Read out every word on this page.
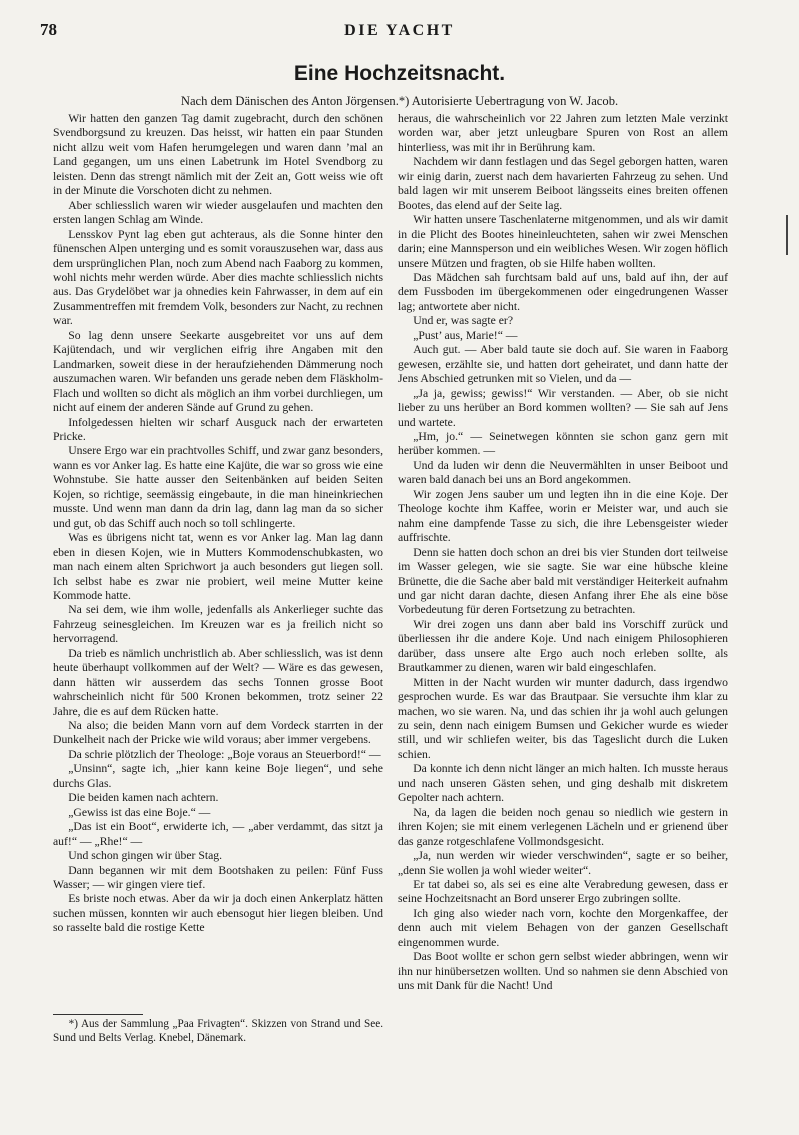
78	DIE YACHT
Eine Hochzeitsnacht.
Nach dem Dänischen des Anton Jörgensen.*) Autorisierte Uebertragung von W. Jacob.

Wir hatten den ganzen Tag damit zugebracht, durch den schönen Svendborgsund zu kreuzen. Das heisst, wir hatten ein paar Stunden nicht allzu weit vom Hafen herumgelegen und waren dann ’mal an Land gegangen, um uns einen Labetrunk im Hotel Svendborg zu leisten. Denn das strengt nämlich mit der Zeit an, Gott weiss wie oft in der Minute die Vorschoten dicht zu nehmen.

Aber schliesslich waren wir wieder ausgelaufen und machten den ersten langen Schlag am Winde.

Lensskov Pynt lag eben gut achteraus, als die Sonne hinter den fünenschen Alpen unterging und es somit vorauszusehen war, dass aus dem ursprünglichen Plan, noch zum Abend nach Faaborg zu kommen, wohl nichts mehr werden würde. Aber dies machte schliesslich nichts aus. Das Grydelöbet war ja ohnedies kein Fahrwasser, in dem auf ein Zusammentreffen mit fremdem Volk, besonders zur Nacht, zu rechnen war.

So lag denn unsere Seekarte ausgebreitet vor uns auf dem Kajütendach, und wir verglichen eifrig ihre Angaben mit den Landmarken, soweit diese in der heraufziehenden Dämmerung noch auszumachen waren. Wir befanden uns gerade neben dem Fläskholm-Flach und wollten so dicht als möglich an ihm vorbei durchliegen, um nicht auf einem der anderen Sände auf Grund zu gehen.

Infolgedessen hielten wir scharf Ausguck nach der erwarteten Pricke.

Unsere Ergo war ein prachtvolles Schiff, und zwar ganz besonders, wann es vor Anker lag. Es hatte eine Kajüte, die war so gross wie eine Wohnstube. Sie hatte ausser den Seitenbänken auf beiden Seiten Kojen, so richtige, seemässig eingebaute, in die man hineinkriechen musste. Und wenn man dann da drin lag, dann lag man da so sicher und gut, ob das Schiff auch noch so toll schlingerte.

Was es übrigens nicht tat, wenn es vor Anker lag. Man lag dann eben in diesen Kojen, wie in Mutters Kommodenschubkasten, wo man nach einem alten Sprichwort ja auch besonders gut liegen soll. Ich selbst habe es zwar nie probiert, weil meine Mutter keine Kommode hatte.

Na sei dem, wie ihm wolle, jedenfalls als Ankerlieger suchte das Fahrzeug seinesgleichen. Im Kreuzen war es ja freilich nicht so hervorragend.

Da trieb es nämlich unchristlich ab. Aber schliesslich, was ist denn heute überhaupt vollkommen auf der Welt? — Wäre es das gewesen, dann hätten wir ausserdem das sechs Tonnen grosse Boot wahrscheinlich nicht für 500 Kronen bekommen, trotz seiner 22 Jahre, die es auf dem Rücken hatte.

Na also; die beiden Mann vorn auf dem Vordeck starrten in der Dunkelheit nach der Pricke wie wild voraus; aber immer vergebens.

Da schrie plötzlich der Theologe: „Boje voraus an Steuerbord!“ —

„Unsinn“, sagte ich, „hier kann keine Boje liegen“, und sehe durchs Glas.

Die beiden kamen nach achtern.

„Gewiss ist das eine Boje.“ —

„Das ist ein Boot“, erwiderte ich, — „aber verdammt, das sitzt ja auf!“ — „Rhe!“ —

Und schon gingen wir über Stag.

Dann begannen wir mit dem Bootshaken zu peilen: Fünf Fuss Wasser; — wir gingen viere tief.

Es briste noch etwas. Aber da wir ja doch einen Ankerplatz hätten suchen müssen, konnten wir auch ebensogut hier liegen bleiben. Und so rasselte bald die rostige Kette

heraus, die wahrscheinlich vor 22 Jahren zum letzten Male verzinkt worden war, aber jetzt unleugbare Spuren von Rost an allem hinterliess, was mit ihr in Berührung kam.

Nachdem wir dann festlagen und das Segel geborgen hatten, waren wir einig darin, zuerst nach dem havarierten Fahrzeug zu sehen. Und bald lagen wir mit unserem Beiboot längsseits eines breiten offenen Bootes, das elend auf der Seite lag.

Wir hatten unsere Taschenlaterne mitgenommen, und als wir damit in die Plicht des Bootes hineinleuchteten, sahen wir zwei Menschen darin; eine Mannsperson und ein weibliches Wesen. Wir zogen höflich unsere Mützen und fragten, ob sie Hilfe haben wollten.

Das Mädchen sah furchtsam bald auf uns, bald auf ihn, der auf dem Fussboden im übergekommenen oder eingedrungenen Wasser lag; antwortete aber nicht.

Und er, was sagte er?

„Pust’ aus, Marie!“ —

Auch gut. — Aber bald taute sie doch auf. Sie waren in Faaborg gewesen, erzählte sie, und hatten dort geheiratet, und dann hatte der Jens Abschied getrunken mit so Vielen, und da —

„Ja ja, gewiss; gewiss!“ Wir verstanden. — Aber, ob sie nicht lieber zu uns herüber an Bord kommen wollten? — Sie sah auf Jens und wartete.

„Hm, jo.“ — Seinetwegen könnten sie schon ganz gern mit herüber kommen. —

Und da luden wir denn die Neuvermählten in unser Beiboot und waren bald danach bei uns an Bord angekommen.

Wir zogen Jens sauber um und legten ihn in die eine Koje. Der Theologe kochte ihm Kaffee, worin er Meister war, und auch sie nahm eine dampfende Tasse zu sich, die ihre Lebensgeister wieder auffrischte.

Denn sie hatten doch schon an drei bis vier Stunden dort teilweise im Wasser gelegen, wie sie sagte. Sie war eine hübsche kleine Brünette, die die Sache aber bald mit verständiger Heiterkeit aufnahm und gar nicht daran dachte, diesen Anfang ihrer Ehe als eine böse Vorbedeutung für deren Fortsetzung zu betrachten.

Wir drei zogen uns dann aber bald ins Vorschiff zurück und überliessen ihr die andere Koje. Und nach einigem Philosophieren darüber, dass unsere alte Ergo auch noch erleben sollte, als Brautkammer zu dienen, waren wir bald eingeschlafen.

Mitten in der Nacht wurden wir munter dadurch, dass irgendwo gesprochen wurde. Es war das Brautpaar. Sie versuchte ihm klar zu machen, wo sie waren. Na, und das schien ihr ja wohl auch gelungen zu sein, denn nach einigem Bumsen und Gekicher wurde es wieder still, und wir schliefen weiter, bis das Tageslicht durch die Luken schien.

Da konnte ich denn nicht länger an mich halten. Ich musste heraus und nach unseren Gästen sehen, und ging deshalb mit diskretem Gepolter nach achtern.

Na, da lagen die beiden noch genau so niedlich wie gestern in ihren Kojen; sie mit einem verlegenen Lächeln und er grienend über das ganze rotgeschlafene Vollmondsgesicht.

„Ja, nun werden wir wieder verschwinden“, sagte er so beiher, „denn Sie wollen ja wohl wieder weiter“.

Er tat dabei so, als sei es eine alte Verabredung gewesen, dass er seine Hochzeitsnacht an Bord unserer Ergo zubringen sollte.

Ich ging also wieder nach vorn, kochte den Morgenkaffee, der denn auch mit vielem Behagen von der ganzen Gesellschaft eingenommen wurde.

Das Boot wollte er schon gern selbst wieder abbringen, wenn wir ihn nur hinübersetzen wollten. Und so nahmen sie denn Abschied von uns mit Dank für die Nacht! Und

*) Aus der Sammlung „Paa Frivagten“. Skizzen von Strand und See. Sund und Belts Verlag. Knebel, Dänemark.
